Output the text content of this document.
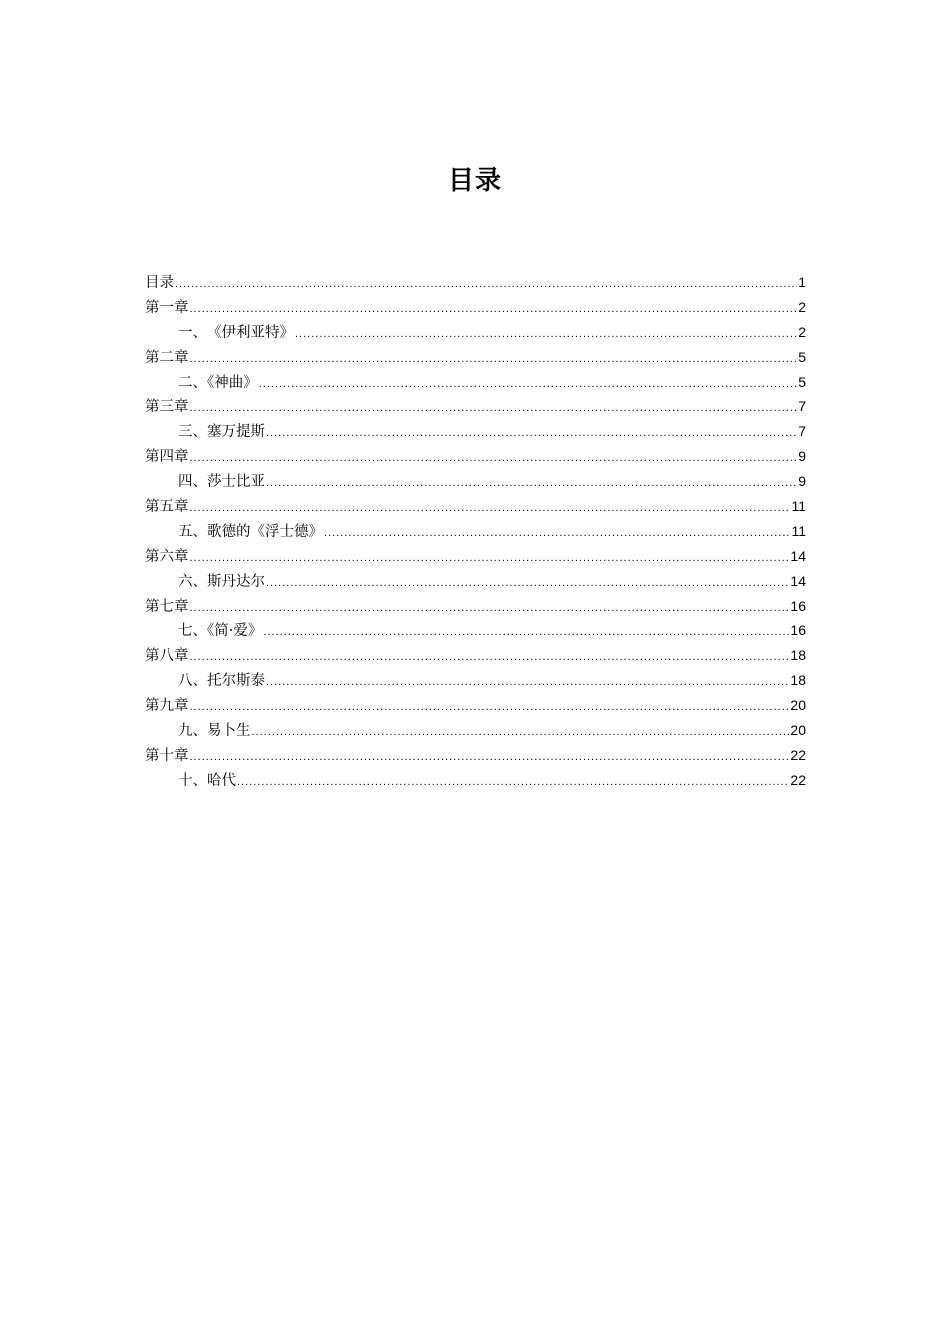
目录
目录 .....	1
第一章 .....	2
一、　《伊利亚特》 .....	2
第二章 .....	5
二、《神曲》 .....	5
第三章 .....	7
三、塞万提斯 .....	7
第四章 .....	9
四、莎士比亚 .....	9
第五章 .....	11
五、歌德的《浮士德》 .....	11
第六章 .....	14
六、斯丹达尔 .....	14
第七章 .....	16
七、《简·爱》 .....	16
第八章 .....	18
八、托尔斯泰 .....	18
第九章 .....	20
九、易卜生 .....	20
第十章 .....	22
十、哈代 .....	22
